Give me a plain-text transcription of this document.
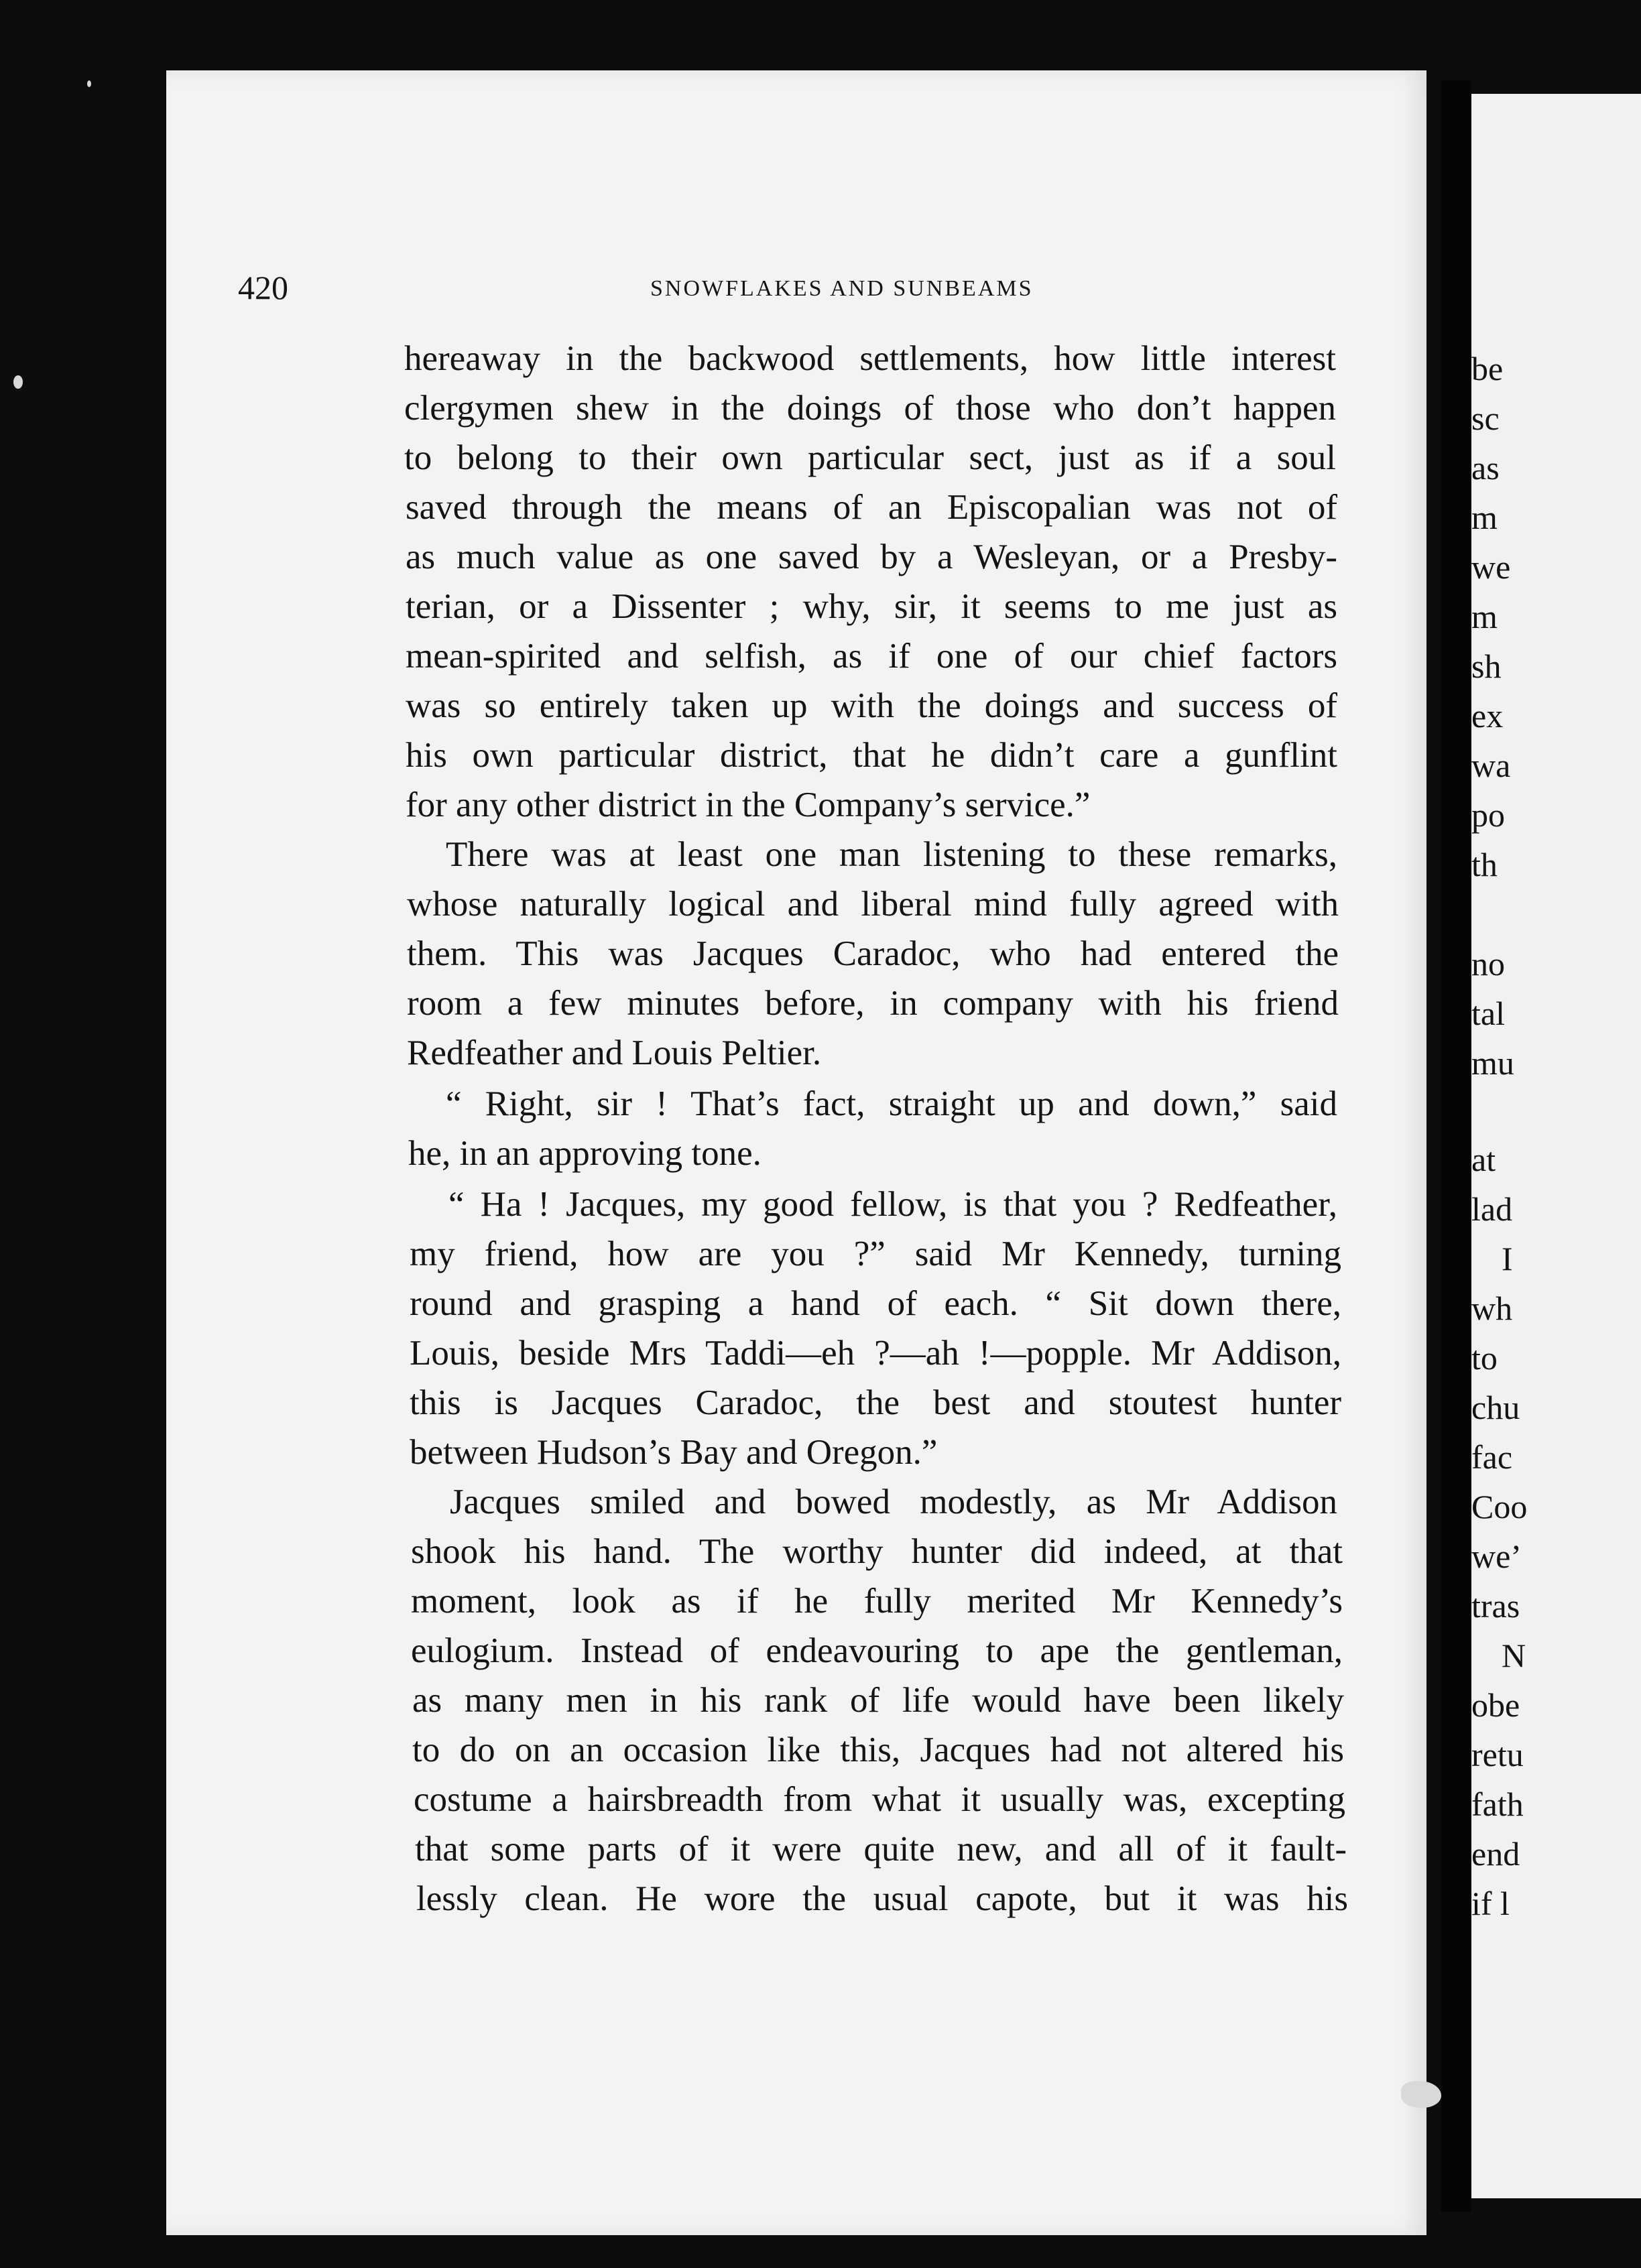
420	SNOWFLAKES AND SUNBEAMS
hereaway in the backwood settlements, how little interest
clergymen shew in the doings of those who don’t happen
to belong to their own particular sect, just as if a soul
saved through the means of an Episcopalian was not of
as much value as one saved by a Wesleyan, or a Presby-
terian, or a Dissenter ; why, sir, it seems to me just as
mean-spirited and selfish, as if one of our chief factors
was so entirely taken up with the doings and success of
his own particular district, that he didn’t care a gunflint
for any other district in the Company’s service.”
There was at least one man listening to these remarks,
whose naturally logical and liberal mind fully agreed with
them. This was Jacques Caradoc, who had entered the
room a few minutes before, in company with his friend
Redfeather and Louis Peltier.
“ Right, sir ! That’s fact, straight up and down,” said
he, in an approving tone.
“ Ha ! Jacques, my good fellow, is that you ? Redfeather,
my friend, how are you ?” said Mr Kennedy, turning
round and grasping a hand of each. “ Sit down there,
Louis, beside Mrs Taddi—eh ?—ah !—popple. Mr Addison,
this is Jacques Caradoc, the best and stoutest hunter
between Hudson’s Bay and Oregon.”
Jacques smiled and bowed modestly, as Mr Addison
shook his hand. The worthy hunter did indeed, at that
moment, look as if he fully merited Mr Kennedy’s
eulogium. Instead of endeavouring to ape the gentleman,
as many men in his rank of life would have been likely
to do on an occasion like this, Jacques had not altered his
costume a hairsbreadth from what it usually was, excepting
that some parts of it were quite new, and all of it fault-
lessly clean. He wore the usual capote, but it was his
be
sc
as
m
we
m
sh
ex
wa
po
th
no
tal
mu
at
lad
I
wh
to
chu
fac
Coo
we’
tras
N
obe
retu
fath
end
if l
